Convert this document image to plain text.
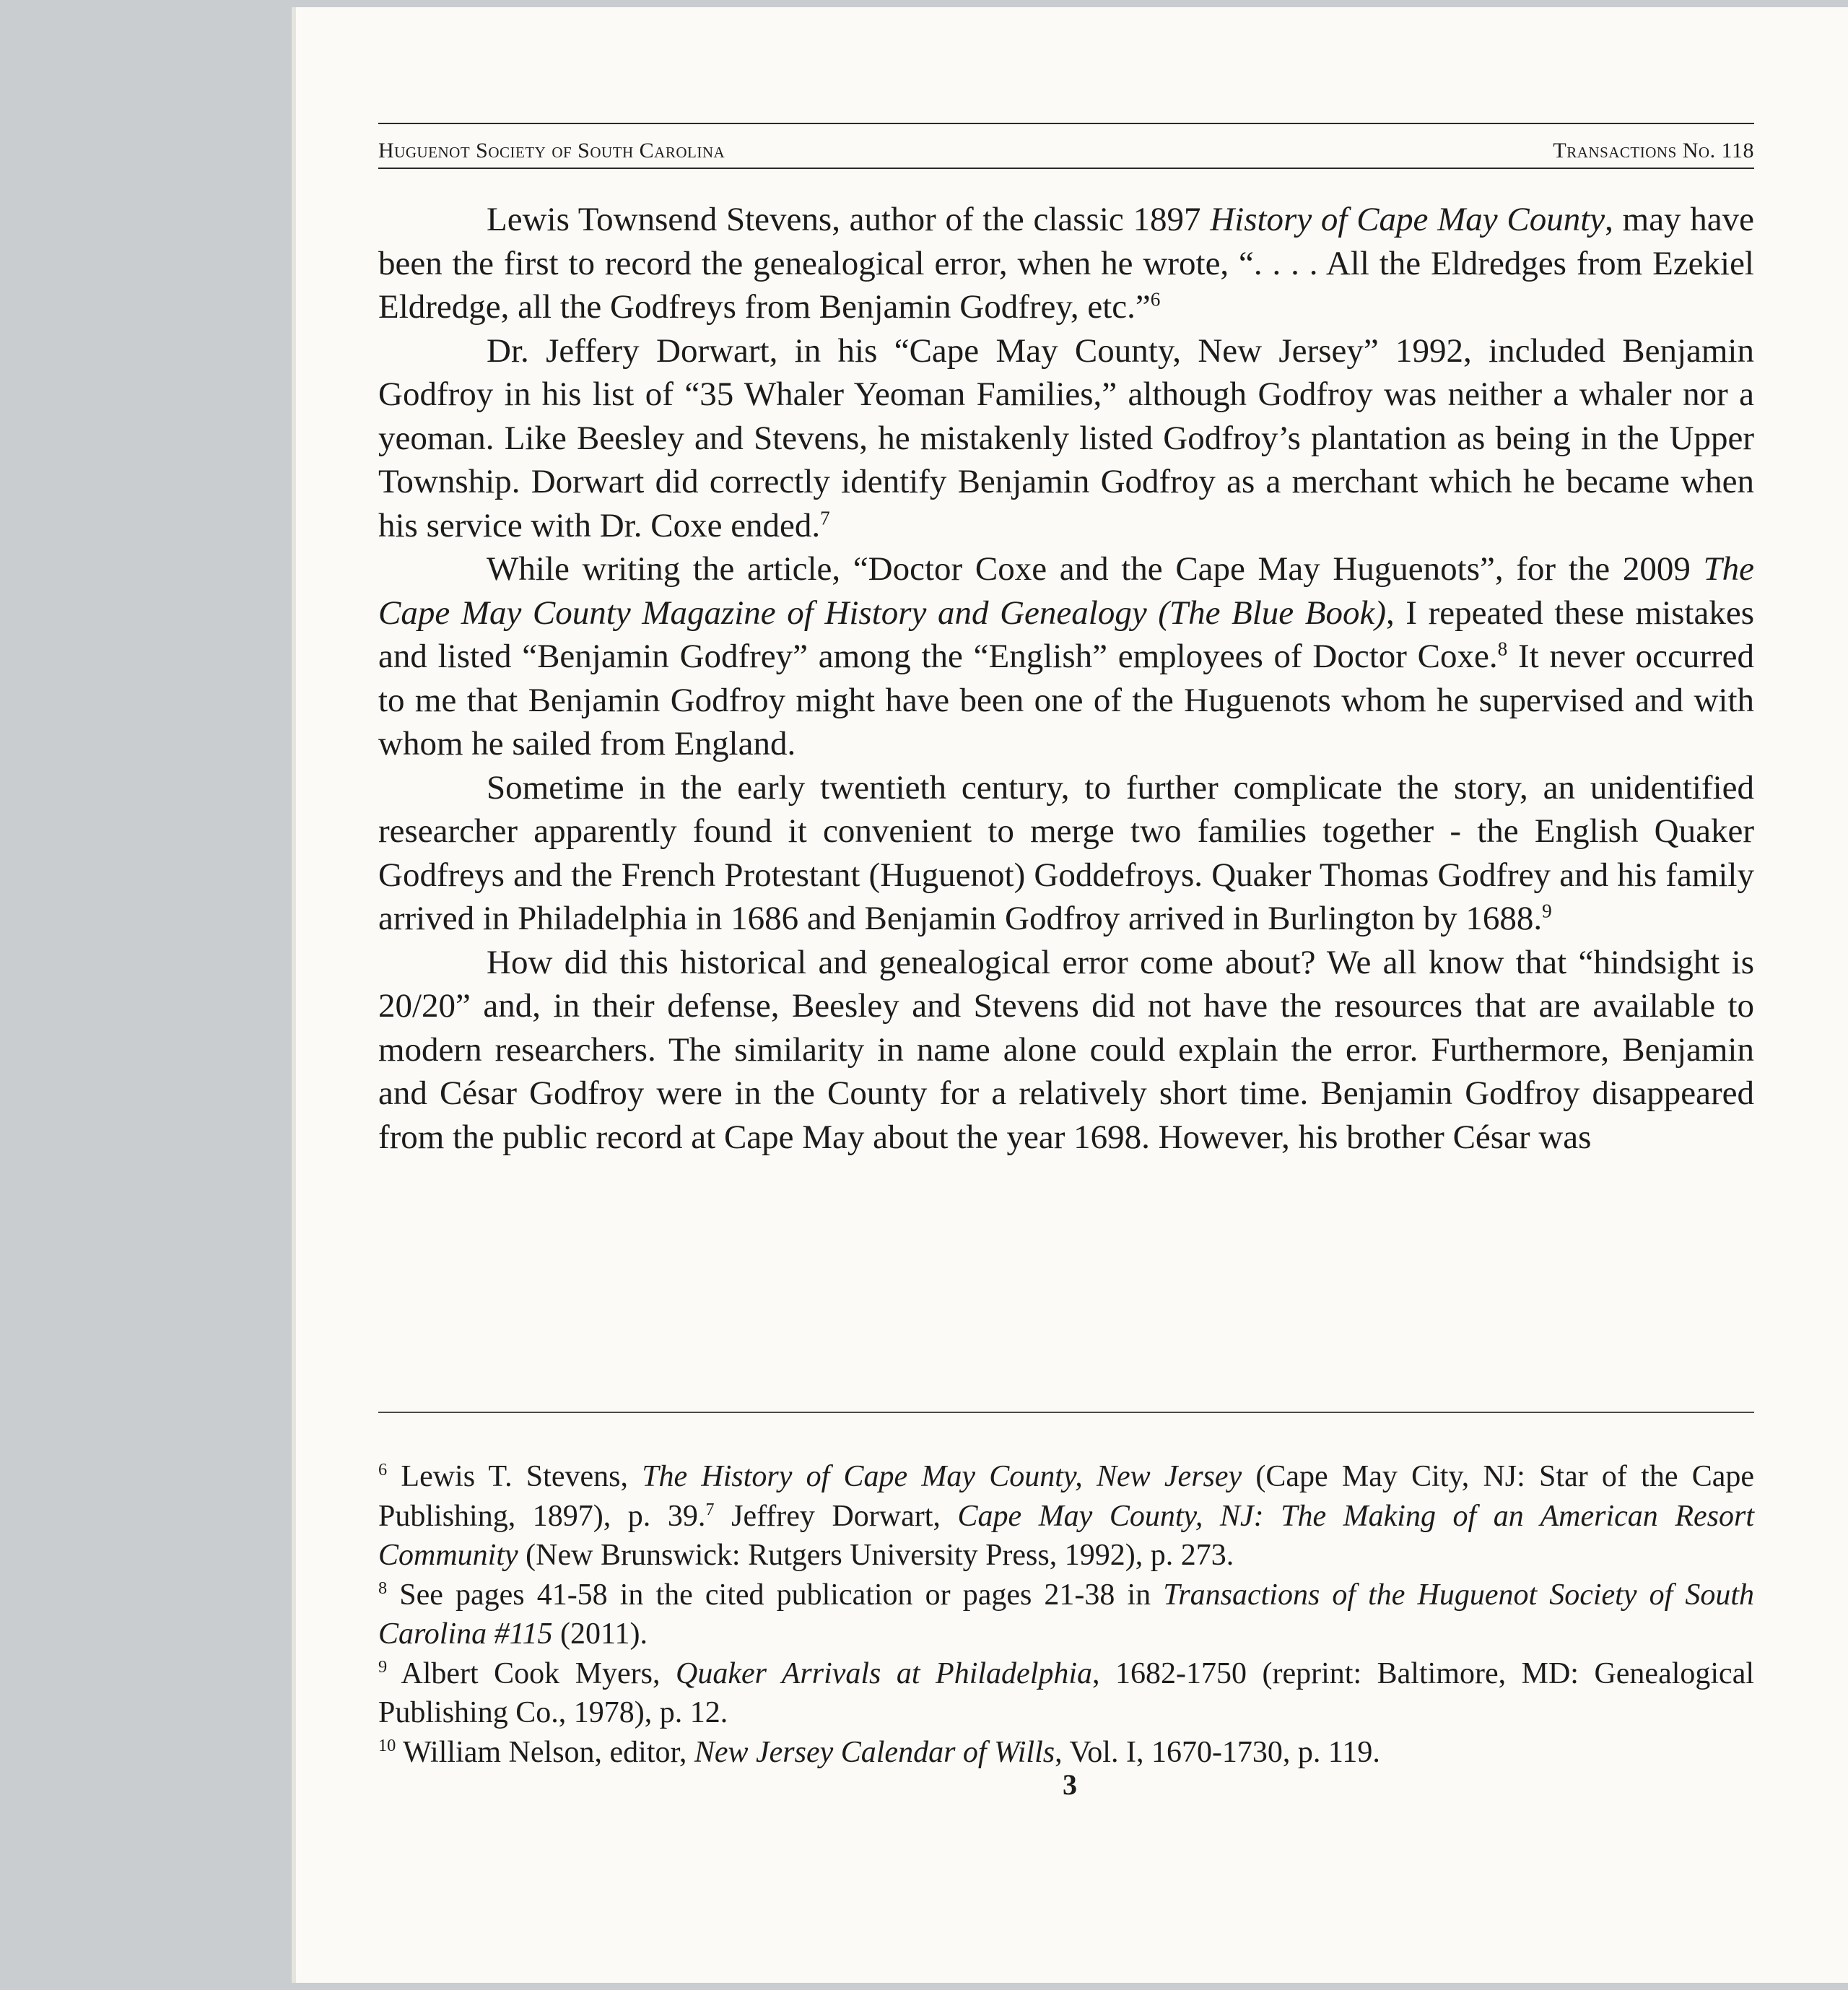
Huguenot Society of South Carolina	Transactions No. 118

Lewis Townsend Stevens, author of the classic 1897 History of Cape May County, may have been the first to record the genealogical error, when he wrote, “. . . . All the Eldredges from Ezekiel Eldredge, all the Godfreys from Benjamin Godfrey, etc.”$^6$

Dr. Jeffery Dorwart, in his “Cape May County, New Jersey” 1992, included Benjamin Godfroy in his list of “35 Whaler Yeoman Families,” although Godfroy was neither a whaler nor a yeoman. Like Beesley and Stevens, he mistakenly listed Godfroy’s plantation as being in the Upper Township. Dorwart did correctly identify Benjamin Godfroy as a merchant which he became when his service with Dr. Coxe ended.$^7$

While writing the article, “Doctor Coxe and the Cape May Huguenots”, for the 2009 The Cape May County Magazine of History and Genealogy (The Blue Book), I repeated these mistakes and listed “Benjamin Godfrey” among the “English” employees of Doctor Coxe.$^8$ It never occurred to me that Benjamin Godfroy might have been one of the Huguenots whom he supervised and with whom he sailed from England.

Sometime in the early twentieth century, to further complicate the story, an unidentified researcher apparently found it convenient to merge two families together - the English Quaker Godfreys and the French Protestant (Huguenot) Goddefroys. Quaker Thomas Godfrey and his family arrived in Philadelphia in 1686 and Benjamin Godfroy arrived in Burlington by 1688.$^9$

How did this historical and genealogical error come about? We all know that “hindsight is 20/20” and, in their defense, Beesley and Stevens did not have the resources that are available to modern researchers. The similarity in name alone could explain the error. Furthermore, Benjamin and César Godfroy were in the County for a relatively short time. Benjamin Godfroy disappeared from the public record at Cape May about the year 1698. However, his brother César was

$^6$ Lewis T. Stevens, The History of Cape May County, New Jersey (Cape May City, NJ: Star of the Cape Publishing, 1897), p. 39.$^7$ Jeffrey Dorwart, Cape May County, NJ: The Making of an American Resort Community (New Brunswick: Rutgers University Press, 1992), p. 273.

$^8$ See pages 41-58 in the cited publication or pages 21-38 in Transactions of the Huguenot Society of South Carolina #115 (2011).

$^9$ Albert Cook Myers, Quaker Arrivals at Philadelphia, 1682-1750 (reprint: Baltimore, MD: Genealogical Publishing Co., 1978), p. 12.

$^{10}$ William Nelson, editor, New Jersey Calendar of Wills, Vol. I, 1670-1730, p. 119.

3
